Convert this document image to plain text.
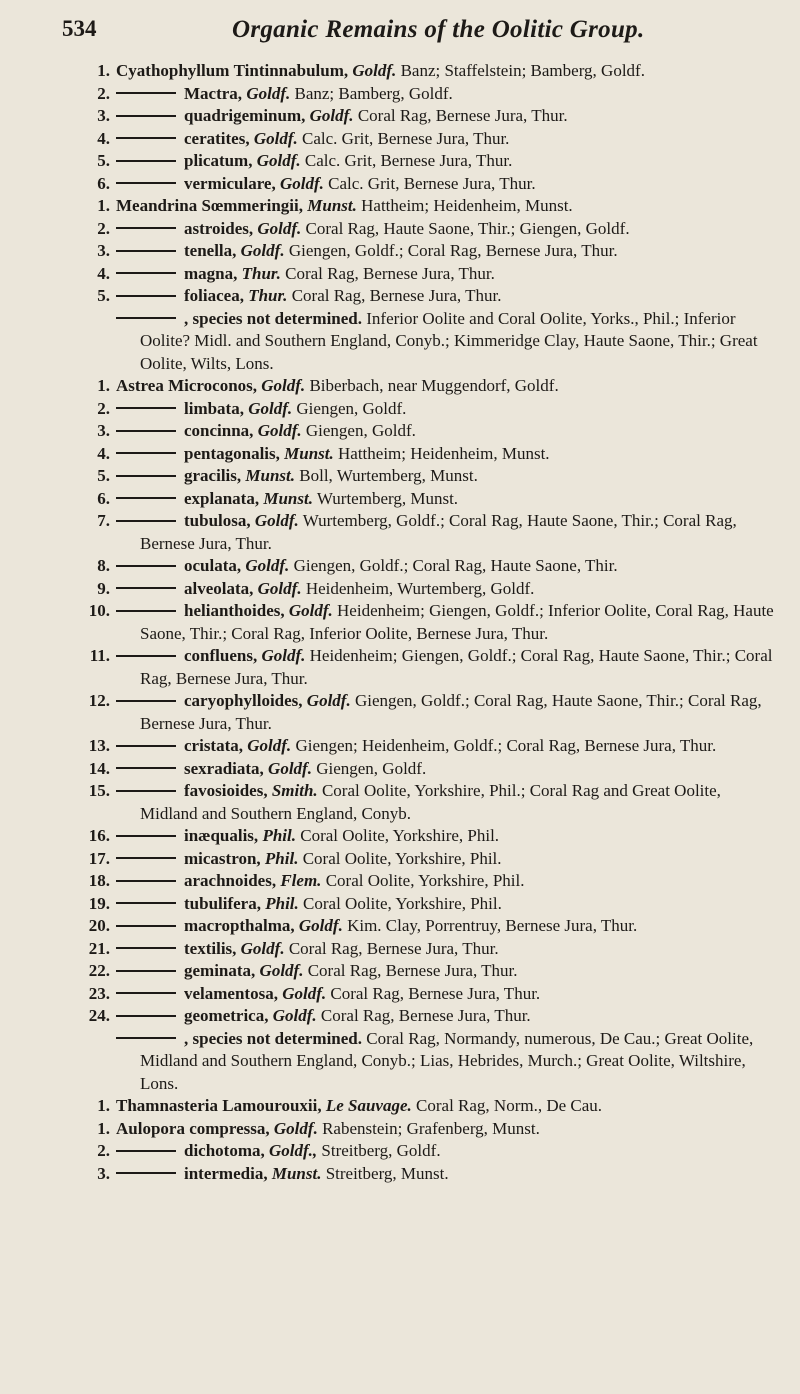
534	Organic Remains of the Oolitic Group.
1. Cyathophyllum Tintinnabulum, Goldf. Banz; Staffelstein; Bamberg, Goldf.
2.	Mactra, Goldf. Banz; Bamberg, Goldf.
3.	quadrigeminum, Goldf. Coral Rag, Bernese Jura, Thur.
4.	ceratites, Goldf. Calc. Grit, Bernese Jura, Thur.
5.	plicatum, Goldf. Calc. Grit, Bernese Jura, Thur.
6.	vermiculare, Goldf. Calc. Grit, Bernese Jura, Thur.
1. Meandrina Sœmmeringii, Munst. Hattheim; Heidenheim, Munst.
2.	astroides, Goldf. Coral Rag, Haute Saone, Thir.; Giengen, Goldf.
3.	tenella, Goldf. Giengen, Goldf.; Coral Rag, Bernese Jura, Thur.
4.	magna, Thur. Coral Rag, Bernese Jura, Thur.
5.	foliacea, Thur. Coral Rag, Bernese Jura, Thur.
, species not determined. Inferior Oolite and Coral Oolite, Yorks., Phil.; Inferior Oolite? Midl. and Southern England, Conyb.; Kimmeridge Clay, Haute Saone, Thir.; Great Oolite, Wilts, Lons.
1. Astrea Microconos, Goldf. Biberbach, near Muggendorf, Goldf.
2.	limbata, Goldf. Giengen, Goldf.
3.	concinna, Goldf. Giengen, Goldf.
4.	pentagonalis, Munst. Hattheim; Heidenheim, Munst.
5.	gracilis, Munst. Boll, Wurtemberg, Munst.
6.	explanata, Munst. Wurtemberg, Munst.
7.	tubulosa, Goldf. Wurtemberg, Goldf.; Coral Rag, Haute Saone, Thir.; Coral Rag, Bernese Jura, Thur.
8.	oculata, Goldf. Giengen, Goldf.; Coral Rag, Haute Saone, Thir.
9.	alveolata, Goldf. Heidenheim, Wurtemberg, Goldf.
10.	helianthoides, Goldf. Heidenheim; Giengen, Goldf.; Inferior Oolite, Coral Rag, Haute Saone, Thir.; Coral Rag, Inferior Oolite, Bernese Jura, Thur.
11.	confluens, Goldf. Heidenheim; Giengen, Goldf.; Coral Rag, Haute Saone, Thir.; Coral Rag, Bernese Jura, Thur.
12.	caryophylloides, Goldf. Giengen, Goldf.; Coral Rag, Haute Saone, Thir.; Coral Rag, Bernese Jura, Thur.
13.	cristata, Goldf. Giengen; Heidenheim, Goldf.; Coral Rag, Bernese Jura, Thur.
14.	sexradiata, Goldf. Giengen, Goldf.
15.	favosioides, Smith. Coral Oolite, Yorkshire, Phil.; Coral Rag and Great Oolite, Midland and Southern England, Conyb.
16.	inæqualis, Phil. Coral Oolite, Yorkshire, Phil.
17.	micastron, Phil. Coral Oolite, Yorkshire, Phil.
18.	arachnoides, Flem. Coral Oolite, Yorkshire, Phil.
19.	tubulifera, Phil. Coral Oolite, Yorkshire, Phil.
20.	macropthalma, Goldf. Kim. Clay, Porrentruy, Bernese Jura, Thur.
21.	textilis, Goldf. Coral Rag, Bernese Jura, Thur.
22.	geminata, Goldf. Coral Rag, Bernese Jura, Thur.
23.	velamentosa, Goldf. Coral Rag, Bernese Jura, Thur.
24.	geometrica, Goldf. Coral Rag, Bernese Jura, Thur.
, species not determined. Coral Rag, Normandy, numerous, De Cau.; Great Oolite, Midland and Southern England, Conyb.; Lias, Hebrides, Murch.; Great Oolite, Wiltshire, Lons.
1. Thamnasteria Lamourouxii, Le Sauvage. Coral Rag, Norm., De Cau.
1. Aulopora compressa, Goldf. Rabenstein; Grafenberg, Munst.
2.	dichotoma, Goldf., Streitberg, Goldf.
3.	intermedia, Munst. Streitberg, Munst.
